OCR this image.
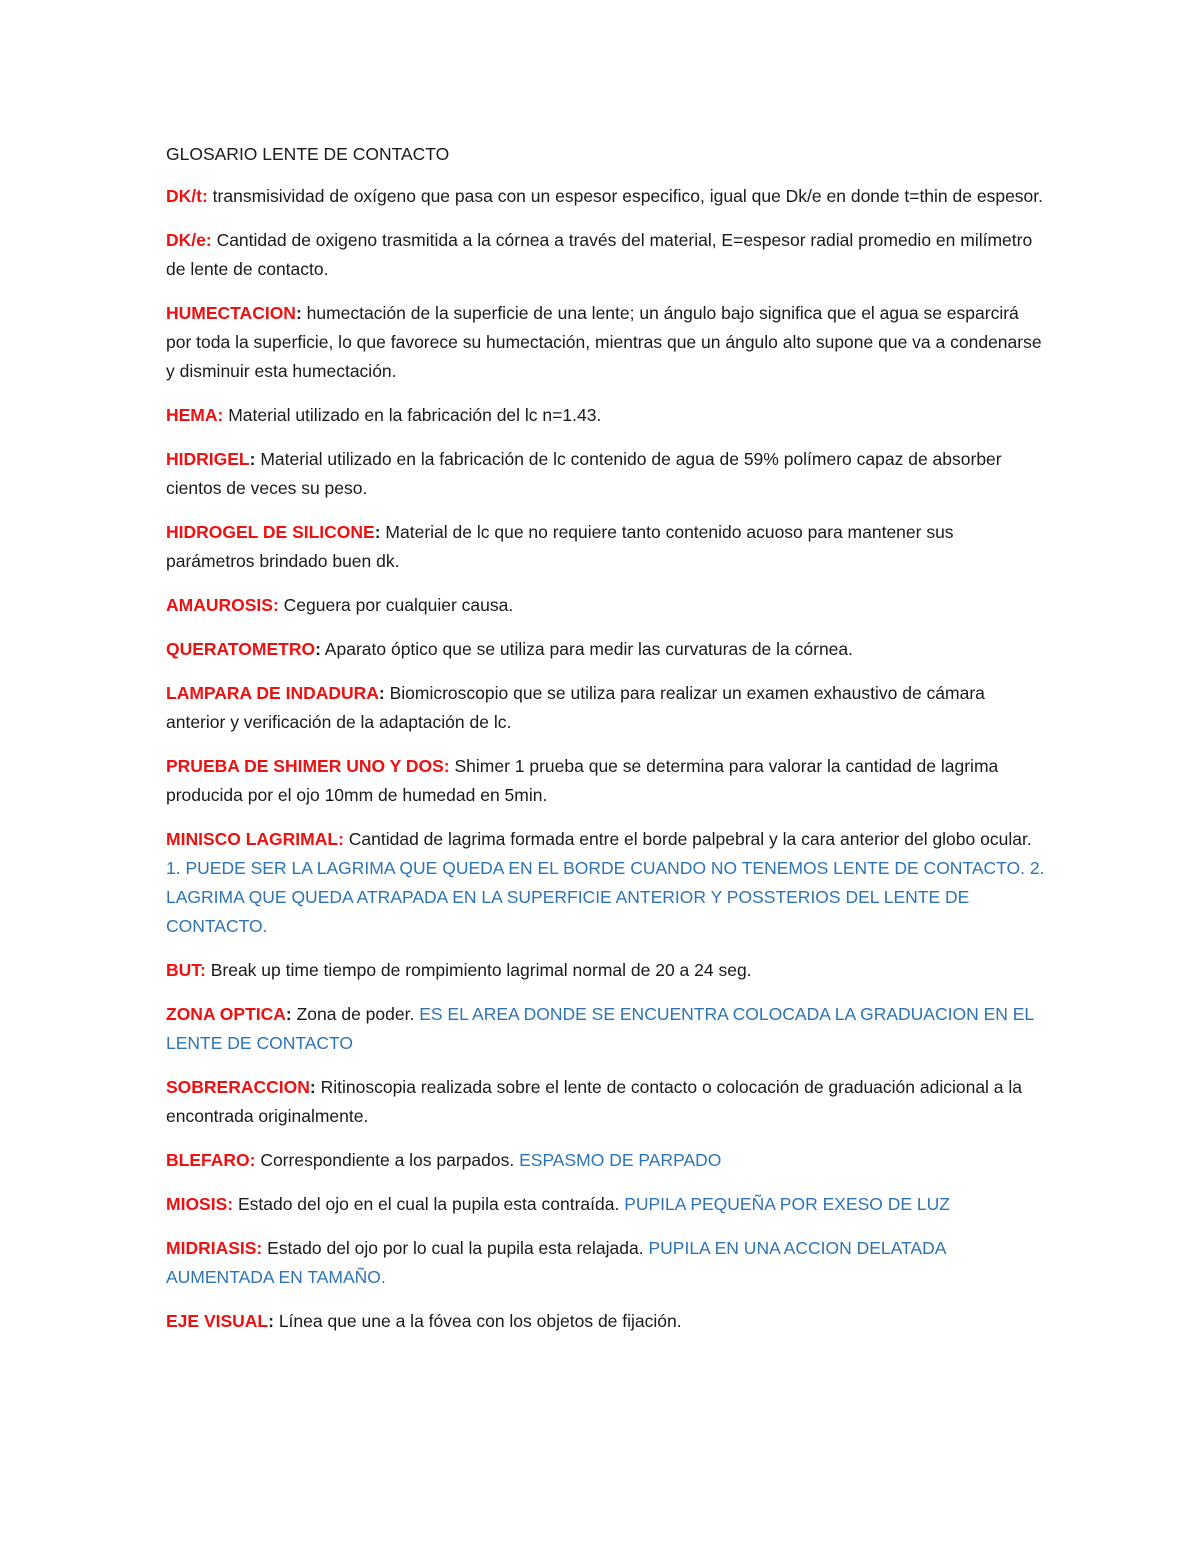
GLOSARIO LENTE DE CONTACTO

DK/t: transmisividad de oxígeno que pasa con un espesor especifico, igual que Dk/e en donde t=thin de espesor.

DK/e: Cantidad de oxigeno trasmitida a la córnea a través del material, E=espesor radial promedio en milímetro de lente de contacto.

HUMECTACION: humectación de la superficie de una lente; un ángulo bajo significa que el agua se esparcirá por toda la superficie, lo que favorece su humectación, mientras que un ángulo alto supone que va a condenarse y disminuir esta humectación.

HEMA: Material utilizado en la fabricación del lc n=1.43.

HIDRIGEL: Material utilizado en la fabricación de lc contenido de agua de 59% polímero capaz de absorber cientos de veces su peso.

HIDROGEL DE SILICONE: Material de lc que no requiere tanto contenido acuoso para mantener sus parámetros brindado buen dk.

AMAUROSIS: Ceguera por cualquier causa.

QUERATOMETRO: Aparato óptico que se utiliza para medir las curvaturas de la córnea.

LAMPARA DE INDADURA: Biomicroscopio que se utiliza para realizar un examen exhaustivo de cámara anterior y verificación de la adaptación de lc.

PRUEBA DE SHIMER UNO Y DOS: Shimer 1 prueba que se determina para valorar la cantidad de lagrima producida por el ojo 10mm de humedad en 5min.

MINISCO LAGRIMAL: Cantidad de lagrima formada entre el borde palpebral y la cara anterior del globo ocular. 1. PUEDE SER LA LAGRIMA QUE QUEDA EN EL BORDE CUANDO NO TENEMOS LENTE DE CONTACTO. 2. LAGRIMA QUE QUEDA ATRAPADA EN LA SUPERFICIE ANTERIOR Y POSSTERIOS DEL LENTE DE CONTACTO.

BUT: Break up time tiempo de rompimiento lagrimal normal de 20 a 24 seg.

ZONA OPTICA: Zona de poder. ES EL AREA DONDE SE ENCUENTRA COLOCADA LA GRADUACION EN EL LENTE DE CONTACTO

SOBRERACCION: Ritinoscopia realizada sobre el lente de contacto o colocación de graduación adicional a la encontrada originalmente.

BLEFARO: Correspondiente a los parpados. ESPASMO DE PARPADO

MIOSIS: Estado del ojo en el cual la pupila esta contraída. PUPILA PEQUEÑA POR EXESO DE LUZ

MIDRIASIS: Estado del ojo por lo cual la pupila esta relajada. PUPILA EN UNA ACCION DELATADA AUMENTADA EN TAMAÑO.

EJE VISUAL: Línea que une a la fóvea con los objetos de fijación.
